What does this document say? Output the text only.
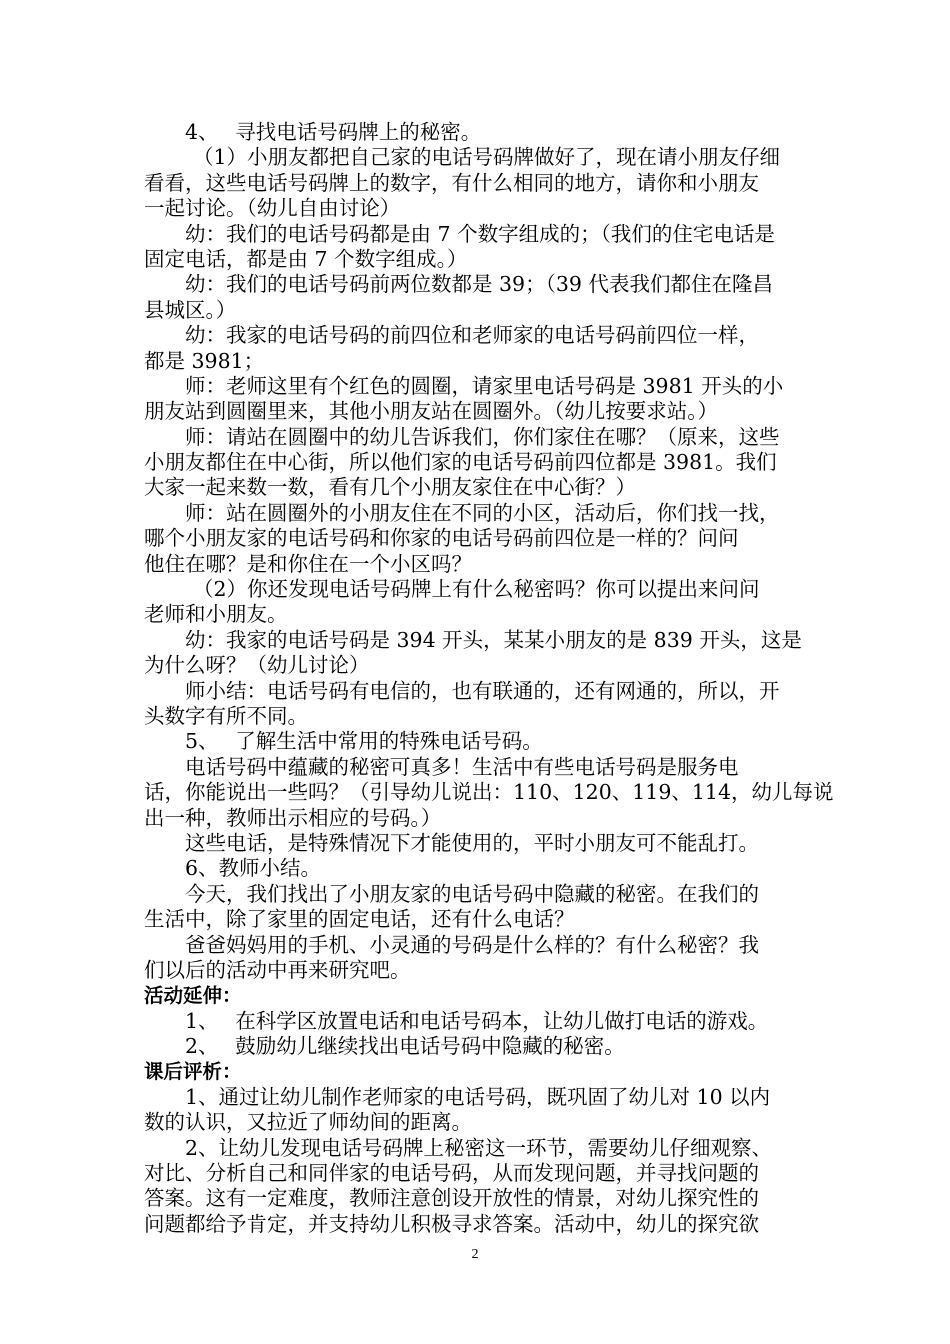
4、　 寻找电话号码牌上的秘密。
（1）小朋友都把自己家的电话号码牌做好了，现在请小朋友仔细
看看，这些电话号码牌上的数字，有什么相同的地方，请你和小朋友
一起讨论。（幼儿自由讨论）
幼：我们的电话号码都是由 7 个数字组成的；（我们的住宅电话是
固定电话，都是由 7 个数字组成。）
幼：我们的电话号码前两位数都是 39；（39 代表我们都住在隆昌
县城区。）
幼：我家的电话号码的前四位和老师家的电话号码前四位一样，
都是 3981；
师：老师这里有个红色的圆圈，请家里电话号码是 3981 开头的小
朋友站到圆圈里来，其他小朋友站在圆圈外。（幼儿按要求站。）
师：请站在圆圈中的幼儿告诉我们，你们家住在哪？（原来，这些
小朋友都住在中心街，所以他们家的电话号码前四位都是 3981。我们
大家一起来数一数，看有几个小朋友家住在中心街？）
师：站在圆圈外的小朋友住在不同的小区，活动后，你们找一找，
哪个小朋友家的电话号码和你家的电话号码前四位是一样的？问问
他住在哪？是和你住在一个小区吗？
（2）你还发现电话号码牌上有什么秘密吗？你可以提出来问问
老师和小朋友。
幼：我家的电话号码是 394 开头，某某小朋友的是 839 开头，这是
为什么呀？（幼儿讨论）
师小结：电话号码有电信的，也有联通的，还有网通的，所以，开
头数字有所不同。
5、　 了解生活中常用的特殊电话号码。
电话号码中蕴藏的秘密可真多！生活中有些电话号码是服务电
话，你能说出一些吗？（引导幼儿说出：110、120、119、114，幼儿每说
出一种，教师出示相应的号码。）
这些电话，是特殊情况下才能使用的，平时小朋友可不能乱打。
6、教师小结。
今天，我们找出了小朋友家的电话号码中隐藏的秘密。在我们的
生活中，除了家里的固定电话，还有什么电话？
爸爸妈妈用的手机、小灵通的号码是什么样的？有什么秘密？我
们以后的活动中再来研究吧。
活动延伸：
1、　 在科学区放置电话和电话号码本，让幼儿做打电话的游戏。
2、　 鼓励幼儿继续找出电话号码中隐藏的秘密。
课后评析：
1、通过让幼儿制作老师家的电话号码，既巩固了幼儿对 10 以内
数的认识，又拉近了师幼间的距离。
2、让幼儿发现电话号码牌上秘密这一环节，需要幼儿仔细观察、
对比、分析自己和同伴家的电话号码，从而发现问题，并寻找问题的
答案。这有一定难度，教师注意创设开放性的情景，对幼儿探究性的
问题都给予肯定，并支持幼儿积极寻求答案。活动中，幼儿的探究欲
2
